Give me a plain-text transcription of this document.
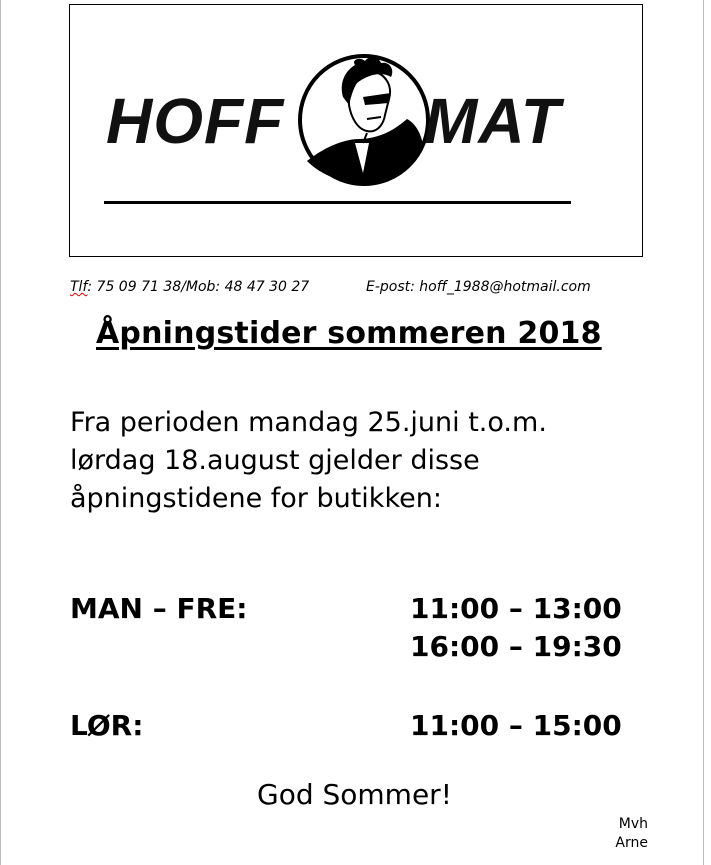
HOFF MAT
Tlf: 75 09 71 38/Mob: 48 47 30 27	E-post: hoff_1988@hotmail.com
Åpningstider sommeren 2018
Fra perioden mandag 25.juni t.o.m.
lørdag 18.august gjelder disse
åpningstidene for butikken:
MAN – FRE:	11:00 – 13:00
16:00 – 19:30
LØR:	11:00 – 15:00
God Sommer!
Mvh
Arne
